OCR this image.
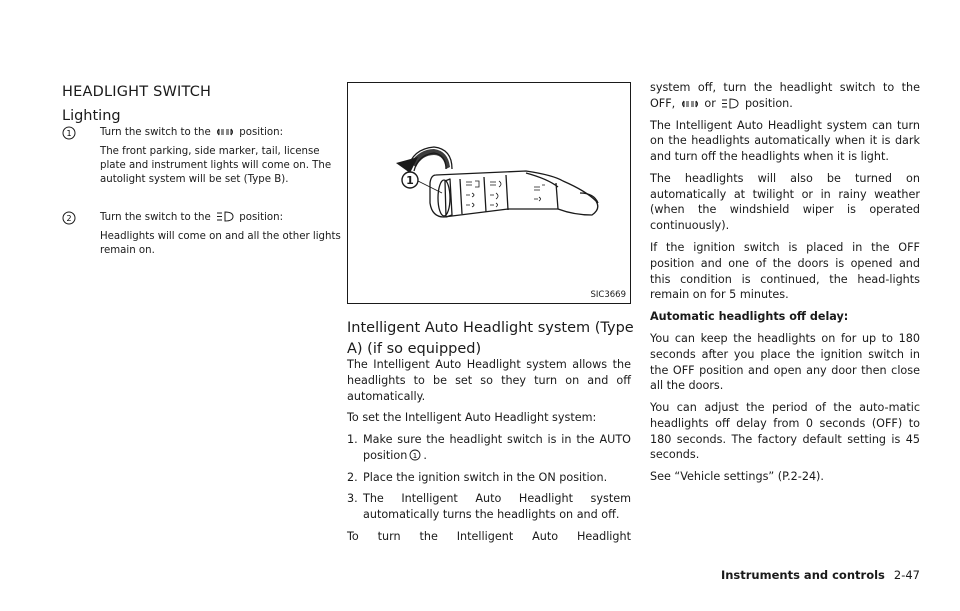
HEADLIGHT SWITCH
Lighting
1	Turn the switch to the	position:
The front parking, side marker, tail, license plate and instrument lights will come on. The autolight system will be set (Type B).
2	Turn the switch to the	position:
Headlights will come on and all the other lights remain on.
1
SIC3669
Intelligent Auto Headlight system (Type A) (if so equipped)

The Intelligent Auto Headlight system allows the headlights to be set so they turn on and off automatically.

To set the Intelligent Auto Headlight system:

1. Make sure the headlight switch is in the AUTO position 1 .
2. Place the ignition switch in the ON position.
3. The Intelligent Auto Headlight system automatically turns the headlights on and off.

To turn the Intelligent Auto Headlight

system off, turn the headlight switch to the OFF,	or	position.

The Intelligent Auto Headlight system can turn on the headlights automatically when it is dark and turn off the headlights when it is light.

The headlights will also be turned on automatically at twilight or in rainy weather (when the windshield wiper is operated continuously).

If the ignition switch is placed in the OFF position and one of the doors is opened and this condition is continued, the head-lights remain on for 5 minutes.

Automatic headlights off delay:

You can keep the headlights on for up to 180 seconds after you place the ignition switch in the OFF position and open any door then close all the doors.

You can adjust the period of the auto-matic headlights off delay from 0 seconds (OFF) to 180 seconds. The factory default setting is 45 seconds.

See “Vehicle settings” (P.2-24).

Instruments and controls 2-47
